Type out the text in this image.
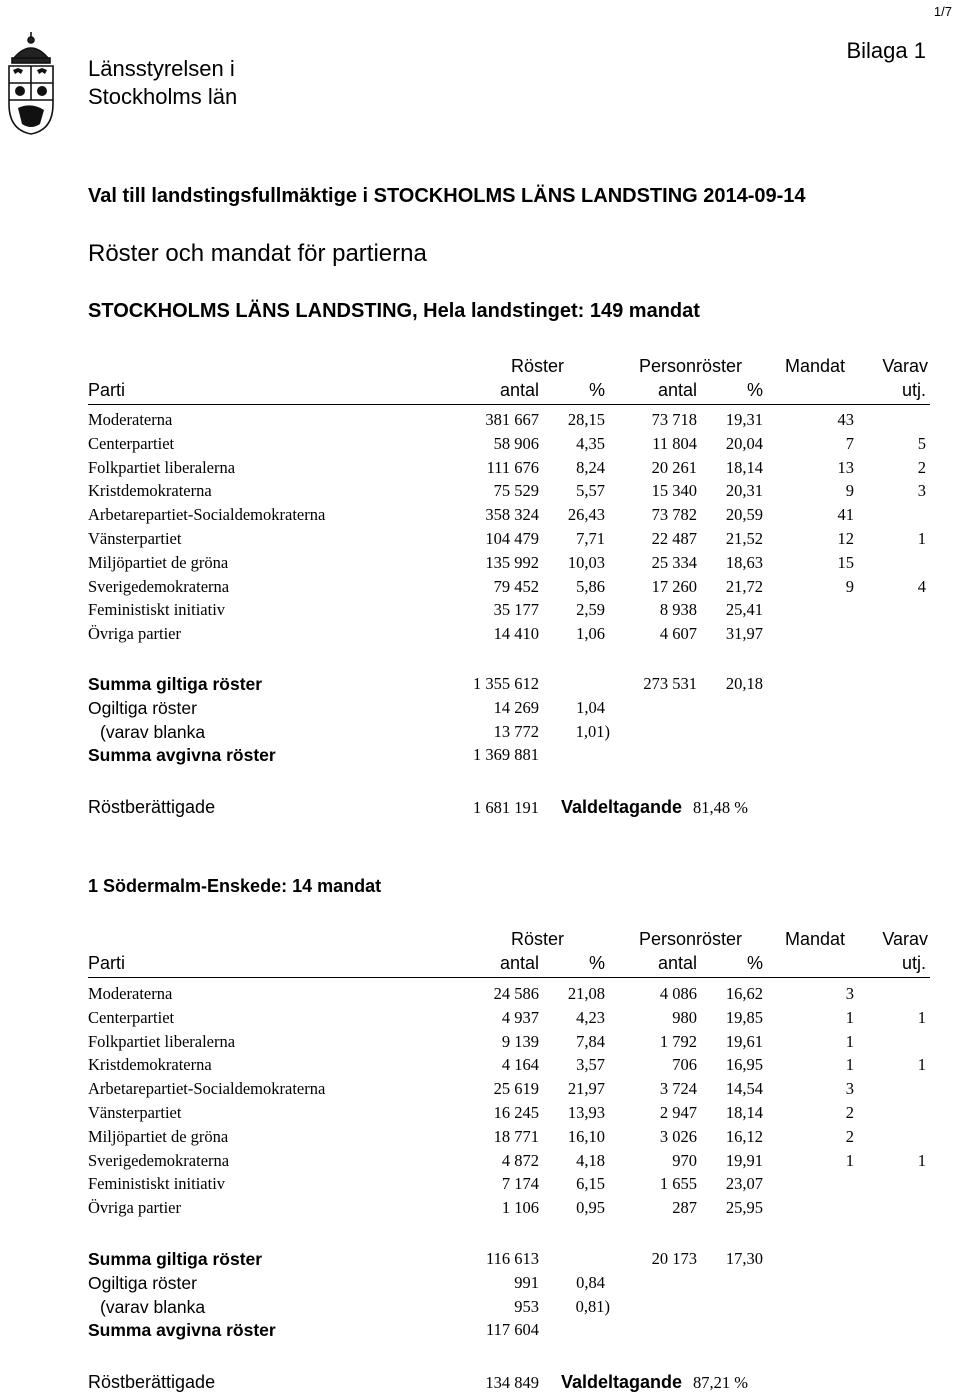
1/7
Länsstyrelsen i
Stockholms län
Bilaga 1
Val till landstingsfullmäktige i STOCKHOLMS LÄNS LANDSTING 2014-09-14
Röster och mandat för partierna
STOCKHOLMS LÄNS LANDSTING, Hela landstinget: 149 mandat
Röster	Personröster Mandat Varav
Parti	antal	%	antal	%	utj.
Moderaterna	381 667 28,15	73 718 19,31	43
Centerpartiet	58 906 4,35	11 804 20,04	7	5
Folkpartiet liberalerna	111 676 8,24	20 261 18,14	13	2
Kristdemokraterna	75 529 5,57	15 340 20,31	9	3
Arbetarepartiet-Socialdemokraterna	358 324 26,43	73 782 20,59	41
Vänsterpartiet	104 479 7,71	22 487 21,52	12	1
Miljöpartiet de gröna	135 992 10,03	25 334 18,63	15
Sverigedemokraterna	79 452 5,86	17 260 21,72	9	4
Feministiskt initiativ	35 177 2,59	8 938 25,41
Övriga partier	14 410 1,06	4 607 31,97
Summa giltiga röster	1 355 612	273 531 20,18
Ogiltiga röster	14 269 1,04
(varav blanka	13 772 1,01)
Summa avgivna röster	1 369 881
Röstberättigade	1 681 191 Valdeltagande 81,48 %
1 Södermalm-Enskede: 14 mandat
Röster	Personröster Mandat Varav
Parti	antal	%	antal	%	utj.
Moderaterna	24 586 21,08	4 086 16,62	3
Centerpartiet	4 937 4,23	980 19,85	1	1
Folkpartiet liberalerna	9 139 7,84	1 792 19,61	1
Kristdemokraterna	4 164 3,57	706 16,95	1	1
Arbetarepartiet-Socialdemokraterna	25 619 21,97	3 724 14,54	3
Vänsterpartiet	16 245 13,93	2 947 18,14	2
Miljöpartiet de gröna	18 771 16,10	3 026 16,12	2
Sverigedemokraterna	4 872 4,18	970 19,91	1	1
Feministiskt initiativ	7 174 6,15	1 655 23,07
Övriga partier	1 106 0,95	287 25,95
Summa giltiga röster	116 613	20 173 17,30
Ogiltiga röster	991 0,84
(varav blanka	953 0,81)
Summa avgivna röster	117 604
Röstberättigade	134 849 Valdeltagande 87,21 %
